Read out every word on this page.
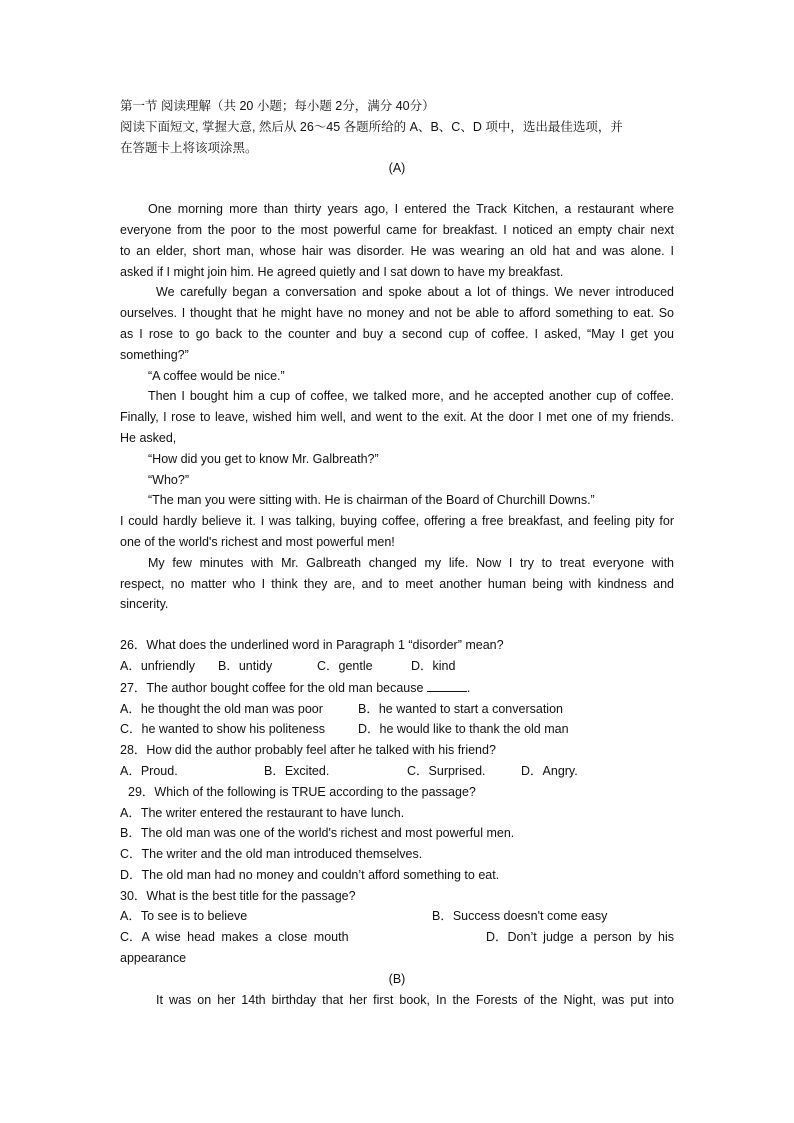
第一节 阅读理解（共 20 小题；每小题 2分，满分 40分）
阅读下面短文, 掌握大意, 然后从 26～45 各题所给的 A、B、C、D 项中，选出最佳选项，并
在答题卡上将该项涂黑。
(A)
One morning more than thirty years ago, I entered the Track Kitchen, a restaurant where
everyone from the poor to the most powerful came for breakfast. I noticed an empty chair next
to an elder, short man, whose hair was disorder. He was wearing an old hat and was alone. I
asked if I might join him. He agreed quietly and I sat down to have my breakfast.
We carefully began a conversation and spoke about a lot of things. We never introduced
ourselves. I thought that he might have no money and not be able to afford something to eat. So
as I rose to go back to the counter and buy a second cup of coffee. I asked, “May I get you
something?”
“A coffee would be nice.”
Then I bought him a cup of coffee, we talked more, and he accepted another cup of coffee.
Finally, I rose to leave, wished him well, and went to the exit. At the door I met one of my friends.
He asked,
“How did you get to know Mr. Galbreath?”
“Who?”
“The man you were sitting with. He is chairman of the Board of Churchill Downs.”
I could hardly believe it. I was talking, buying coffee, offering a free breakfast, and feeling pity for
one of the world's richest and most powerful men!
My few minutes with Mr. Galbreath changed my life. Now I try to treat everyone with
respect, no matter who I think they are, and to meet another human being with kindness and
sincerity.
26．What does the underlined word in Paragraph 1 “disorder” mean?
A．unfriendly	B．untidy	C．gentle	D．kind
27．The author bought coffee for the old man because	.
A．he thought the old man was poor	B．he wanted to start a conversation
C．he wanted to show his politeness	D．he would like to thank the old man
28．How did the author probably feel after he talked with his friend?
A．Proud.	B．Excited.	C．Surprised.	D．Angry.
29．Which of the following is TRUE according to the passage?
A．The writer entered the restaurant to have lunch.
B．The old man was one of the world's richest and most powerful men.
C．The writer and the old man introduced themselves.
D．The old man had no money and couldn’t afford something to eat.
30．What is the best title for the passage?
A．To see is to believe	B．Success doesn't come easy
C．A wise head makes a close mouth	D．Don’t judge a person by his
appearance
(B)
It was on her 14th birthday that her first book, In the Forests of the Night, was put into
